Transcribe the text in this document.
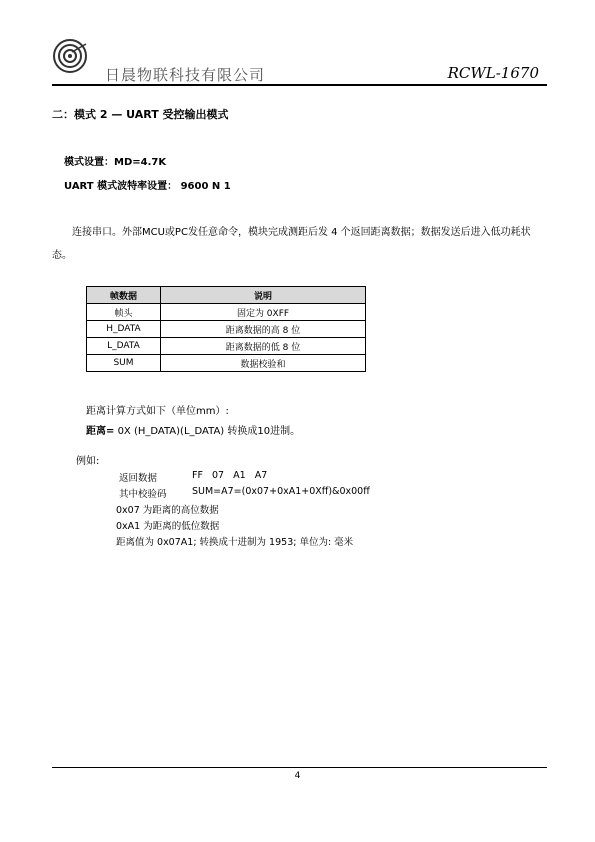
日晨物联科技有限公司	RCWL-1670
二：模式 2 — UART 受控输出模式
模式设置：MD=4.7K
UART 模式波特率设置： 9600 N 1
连接串口。外部MCU或PC发任意命令，模块完成测距后发 4 个返回距离数据；数据发送后进入低功耗状态。
帧数据	说明
帧头	固定为 0XFF
H_DATA	距离数据的高 8 位
L_DATA	距离数据的低 8 位
SUM	数据校验和
距离计算方式如下（单位mm）:
距离= 0X (H_DATA)(L_DATA) 转换成10进制。
例如:
返回数据	FF   07   A1   A7
其中校验码	SUM=A7=(0x07+0xA1+0Xff)&0x00ff
0x07 为距离的高位数据
0xA1 为距离的低位数据
距离值为 0x07A1; 转换成十进制为 1953; 单位为: 毫米
4
